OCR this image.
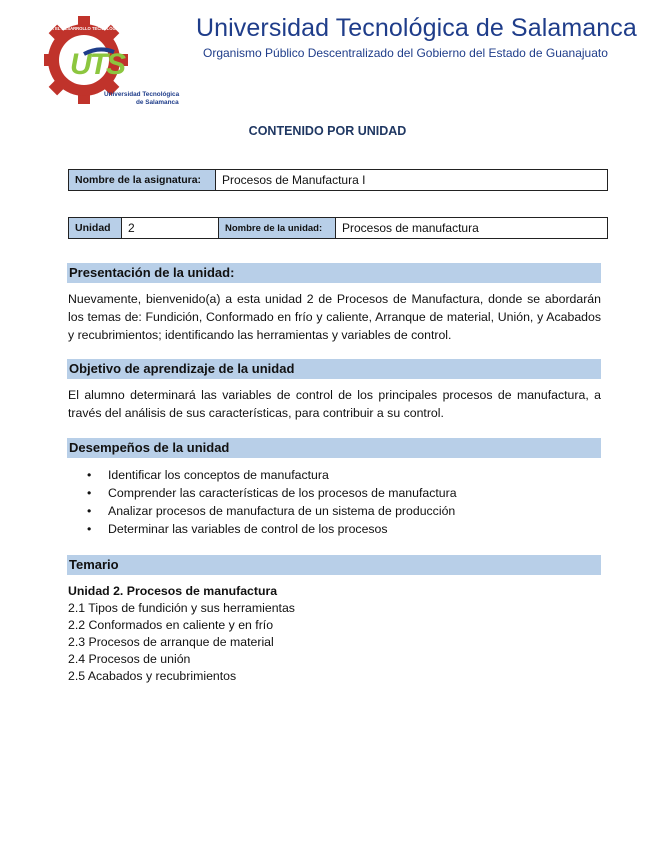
POR EL DESARROLLO TECNOLÓGICO
UTS
Universidad Tecnológica
de Salamanca
Universidad Tecnológica de Salamanca
Organismo Público Descentralizado del Gobierno del Estado de Guanajuato
CONTENIDO POR UNIDAD
Nombre de la asignatura:	Procesos de Manufactura I
Unidad	2	Nombre de la unidad:	Procesos de manufactura
Presentación de la unidad:

Nuevamente, bienvenido(a) a esta unidad 2 de Procesos de Manufactura, donde se abordarán los temas de: Fundición, Conformado en frío y caliente, Arranque de material, Unión, y Acabados y recubrimientos; identificando las herramientas y variables de control.

Objetivo de aprendizaje de la unidad

El alumno determinará las variables de control de los principales procesos de manufactura, a través del análisis de sus características, para contribuir a su control.

Desempeños de la unidad
• Identificar los conceptos de manufactura
• Comprender las características de los procesos de manufactura
• Analizar procesos de manufactura de un sistema de producción
• Determinar las variables de control de los procesos
Temario
Unidad 2. Procesos de manufactura
2.1 Tipos de fundición y sus herramientas
2.2 Conformados en caliente y en frío
2.3 Procesos de arranque de material
2.4 Procesos de unión
2.5 Acabados y recubrimientos
